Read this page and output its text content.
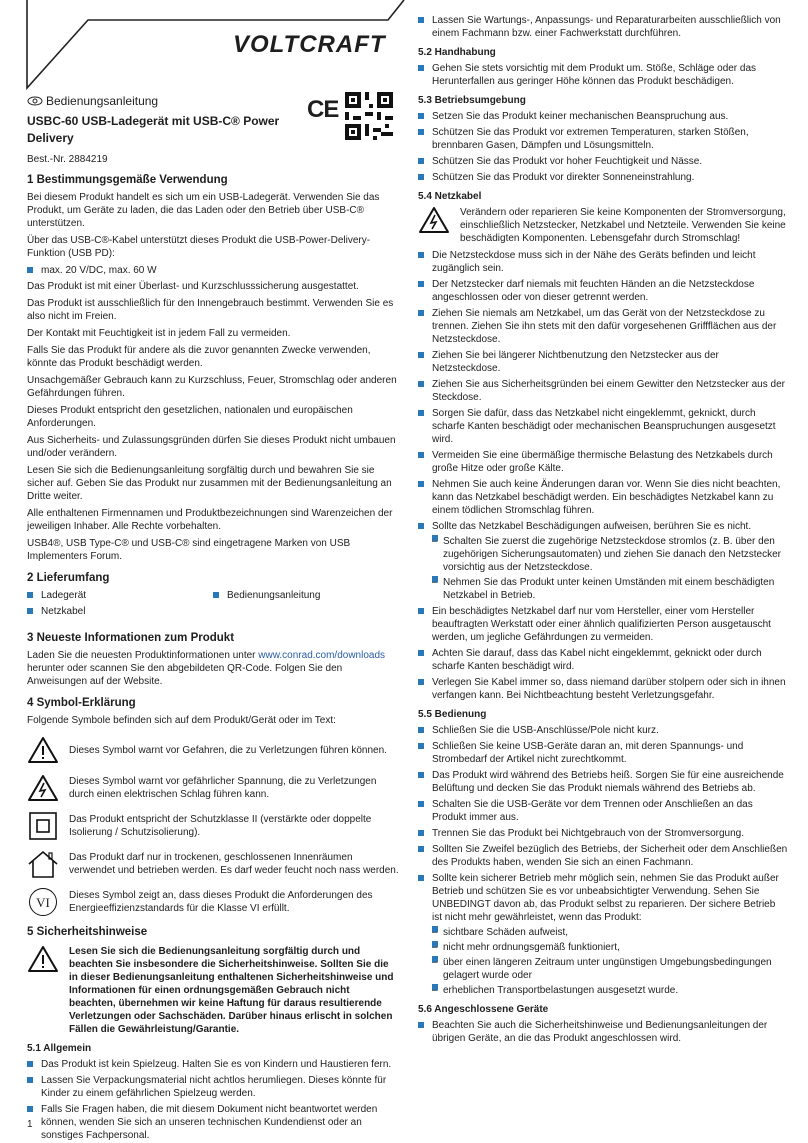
VOLTCRAFT
Bedienungsanleitung
USBC-60 USB-Ladegerät mit USB-C® Power Delivery
Best.-Nr. 2884219
CE
1 Bestimmungsgemäße Verwendung

Bei diesem Produkt handelt es sich um ein USB-Ladegerät. Verwenden Sie das Produkt, um Geräte zu laden, die das Laden oder den Betrieb über USB-C® unterstützen.

Über das USB-C®-Kabel unterstützt dieses Produkt die USB-Power-Delivery-Funktion (USB PD):

max. 20 V/DC, max. 60 W

Das Produkt ist mit einer Überlast- und Kurzschlusssicherung ausgestattet.

Das Produkt ist ausschließlich für den Innengebrauch bestimmt. Verwenden Sie es also nicht im Freien.

Der Kontakt mit Feuchtigkeit ist in jedem Fall zu vermeiden.

Falls Sie das Produkt für andere als die zuvor genannten Zwecke verwenden, könnte das Produkt beschädigt werden.

Unsachgemäßer Gebrauch kann zu Kurzschluss, Feuer, Stromschlag oder anderen Gefährdungen führen.

Dieses Produkt entspricht den gesetzlichen, nationalen und europäischen Anforderungen.

Aus Sicherheits- und Zulassungsgründen dürfen Sie dieses Produkt nicht umbauen und/oder verändern.

Lesen Sie sich die Bedienungsanleitung sorgfältig durch und bewahren Sie sie sicher auf. Geben Sie das Produkt nur zusammen mit der Bedienungsanleitung an Dritte weiter.

Alle enthaltenen Firmennamen und Produktbezeichnungen sind Warenzeichen der jeweiligen Inhaber. Alle Rechte vorbehalten.

USB4®, USB Type-C® und USB-C® sind eingetragene Marken von USB Implementers Forum.

2 Lieferumfang
Ladegerät
Netzkabel
Bedienungsanleitung
3 Neueste Informationen zum Produkt

Laden Sie die neuesten Produktinformationen unter www.conrad.com/downloads herunter oder scannen Sie den abgebildeten QR-Code. Folgen Sie den Anweisungen auf der Website.

4 Symbol-Erklärung

Folgende Symbole befinden sich auf dem Produkt/Gerät oder im Text:

Dieses Symbol warnt vor Gefahren, die zu Verletzungen führen können.
Dieses Symbol warnt vor gefährlicher Spannung, die zu Verletzungen durch einen elektrischen Schlag führen kann.
Das Produkt entspricht der Schutzklasse II (verstärkte oder doppelte Isolierung / Schutzisolierung).
Das Produkt darf nur in trockenen, geschlossenen Innenräumen verwendet und betrieben werden. Es darf weder feucht noch nass werden.
VI	Dieses Symbol zeigt an, dass dieses Produkt die Anforderungen des Energieeffizienzstandards für die Klasse VI erfüllt.
5 Sicherheitshinweise
Lesen Sie sich die Bedienungsanleitung sorgfältig durch und beachten Sie insbesondere die Sicherheitshinweise. Sollten Sie die in dieser Bedienungsanleitung enthaltenen Sicherheitshinweise und Informationen für einen ordnungsgemäßen Gebrauch nicht beachten, übernehmen wir keine Haftung für daraus resultierende Verletzungen oder Sachschäden. Darüber hinaus erlischt in solchen Fällen die Gewährleistung/Garantie.
5.1 Allgemein
Das Produkt ist kein Spielzeug. Halten Sie es von Kindern und Haustieren fern.
Lassen Sie Verpackungsmaterial nicht achtlos herumliegen. Dieses könnte für Kinder zu einem gefährlichen Spielzeug werden.
Falls Sie Fragen haben, die mit diesem Dokument nicht beantwortet werden können, wenden Sie sich an unseren technischen Kundendienst oder an sonstiges Fachpersonal.
1
Lassen Sie Wartungs-, Anpassungs- und Reparaturarbeiten ausschließlich von einem Fachmann bzw. einer Fachwerkstatt durchführen.
5.2 Handhabung
Gehen Sie stets vorsichtig mit dem Produkt um. Stöße, Schläge oder das Herunterfallen aus geringer Höhe können das Produkt beschädigen.
5.3 Betriebsumgebung
Setzen Sie das Produkt keiner mechanischen Beanspruchung aus.
Schützen Sie das Produkt vor extremen Temperaturen, starken Stößen, brennbaren Gasen, Dämpfen und Lösungsmitteln.
Schützen Sie das Produkt vor hoher Feuchtigkeit und Nässe.
Schützen Sie das Produkt vor direkter Sonneneinstrahlung.
5.4 Netzkabel
Verändern oder reparieren Sie keine Komponenten der Stromversorgung, einschließlich Netzstecker, Netzkabel und Netzteile. Verwenden Sie keine beschädigten Komponenten. Lebensgefahr durch Stromschlag!
Die Netzsteckdose muss sich in der Nähe des Geräts befinden und leicht zugänglich sein.
Der Netzstecker darf niemals mit feuchten Händen an die Netzsteckdose angeschlossen oder von dieser getrennt werden.
Ziehen Sie niemals am Netzkabel, um das Gerät von der Netzsteckdose zu trennen. Ziehen Sie ihn stets mit den dafür vorgesehenen Griffflächen aus der Netzsteckdose.
Ziehen Sie bei längerer Nichtbenutzung den Netzstecker aus der Netzsteckdose.
Ziehen Sie aus Sicherheitsgründen bei einem Gewitter den Netzstecker aus der Steckdose.
Sorgen Sie dafür, dass das Netzkabel nicht eingeklemmt, geknickt, durch scharfe Kanten beschädigt oder mechanischen Beanspruchungen ausgesetzt wird.
Vermeiden Sie eine übermäßige thermische Belastung des Netzkabels durch große Hitze oder große Kälte.
Nehmen Sie auch keine Änderungen daran vor. Wenn Sie dies nicht beachten, kann das Netzkabel beschädigt werden. Ein beschädigtes Netzkabel kann zu einem tödlichen Stromschlag führen.
Sollte das Netzkabel Beschädigungen aufweisen, berühren Sie es nicht.
– Schalten Sie zuerst die zugehörige Netzsteckdose stromlos (z. B. über den zugehörigen Sicherungsautomaten) und ziehen Sie danach den Netzstecker vorsichtig aus der Netzsteckdose.
– Nehmen Sie das Produkt unter keinen Umständen mit einem beschädigten Netzkabel in Betrieb.
Ein beschädigtes Netzkabel darf nur vom Hersteller, einer vom Hersteller beauftragten Werkstatt oder einer ähnlich qualifizierten Person ausgetauscht werden, um jegliche Gefährdungen zu vermeiden.
Achten Sie darauf, dass das Kabel nicht eingeklemmt, geknickt oder durch scharfe Kanten beschädigt wird.
Verlegen Sie Kabel immer so, dass niemand darüber stolpern oder sich in ihnen verfangen kann. Bei Nichtbeachtung besteht Verletzungsgefahr.
5.5 Bedienung
Schließen Sie die USB-Anschlüsse/Pole nicht kurz.
Schließen Sie keine USB-Geräte daran an, mit deren Spannungs- und Strombedarf der Artikel nicht zurechtkommt.
Das Produkt wird während des Betriebs heiß. Sorgen Sie für eine ausreichende Belüftung und decken Sie das Produkt niemals während des Betriebs ab.
Schalten Sie die USB-Geräte vor dem Trennen oder Anschließen an das Produkt immer aus.
Trennen Sie das Produkt bei Nichtgebrauch von der Stromversorgung.
Sollten Sie Zweifel bezüglich des Betriebs, der Sicherheit oder dem Anschließen des Produkts haben, wenden Sie sich an einen Fachmann.
Sollte kein sicherer Betrieb mehr möglich sein, nehmen Sie das Produkt außer Betrieb und schützen Sie es vor unbeabsichtigter Verwendung. Sehen Sie UNBEDINGT davon ab, das Produkt selbst zu reparieren. Der sichere Betrieb ist nicht mehr gewährleistet, wenn das Produkt:
– sichtbare Schäden aufweist,
– nicht mehr ordnungsgemäß funktioniert,
– über einen längeren Zeitraum unter ungünstigen Umgebungsbedingungen gelagert wurde oder
– erheblichen Transportbelastungen ausgesetzt wurde.
5.6 Angeschlossene Geräte
Beachten Sie auch die Sicherheitshinweise und Bedienungsanleitungen der übrigen Geräte, an die das Produkt angeschlossen wird.
